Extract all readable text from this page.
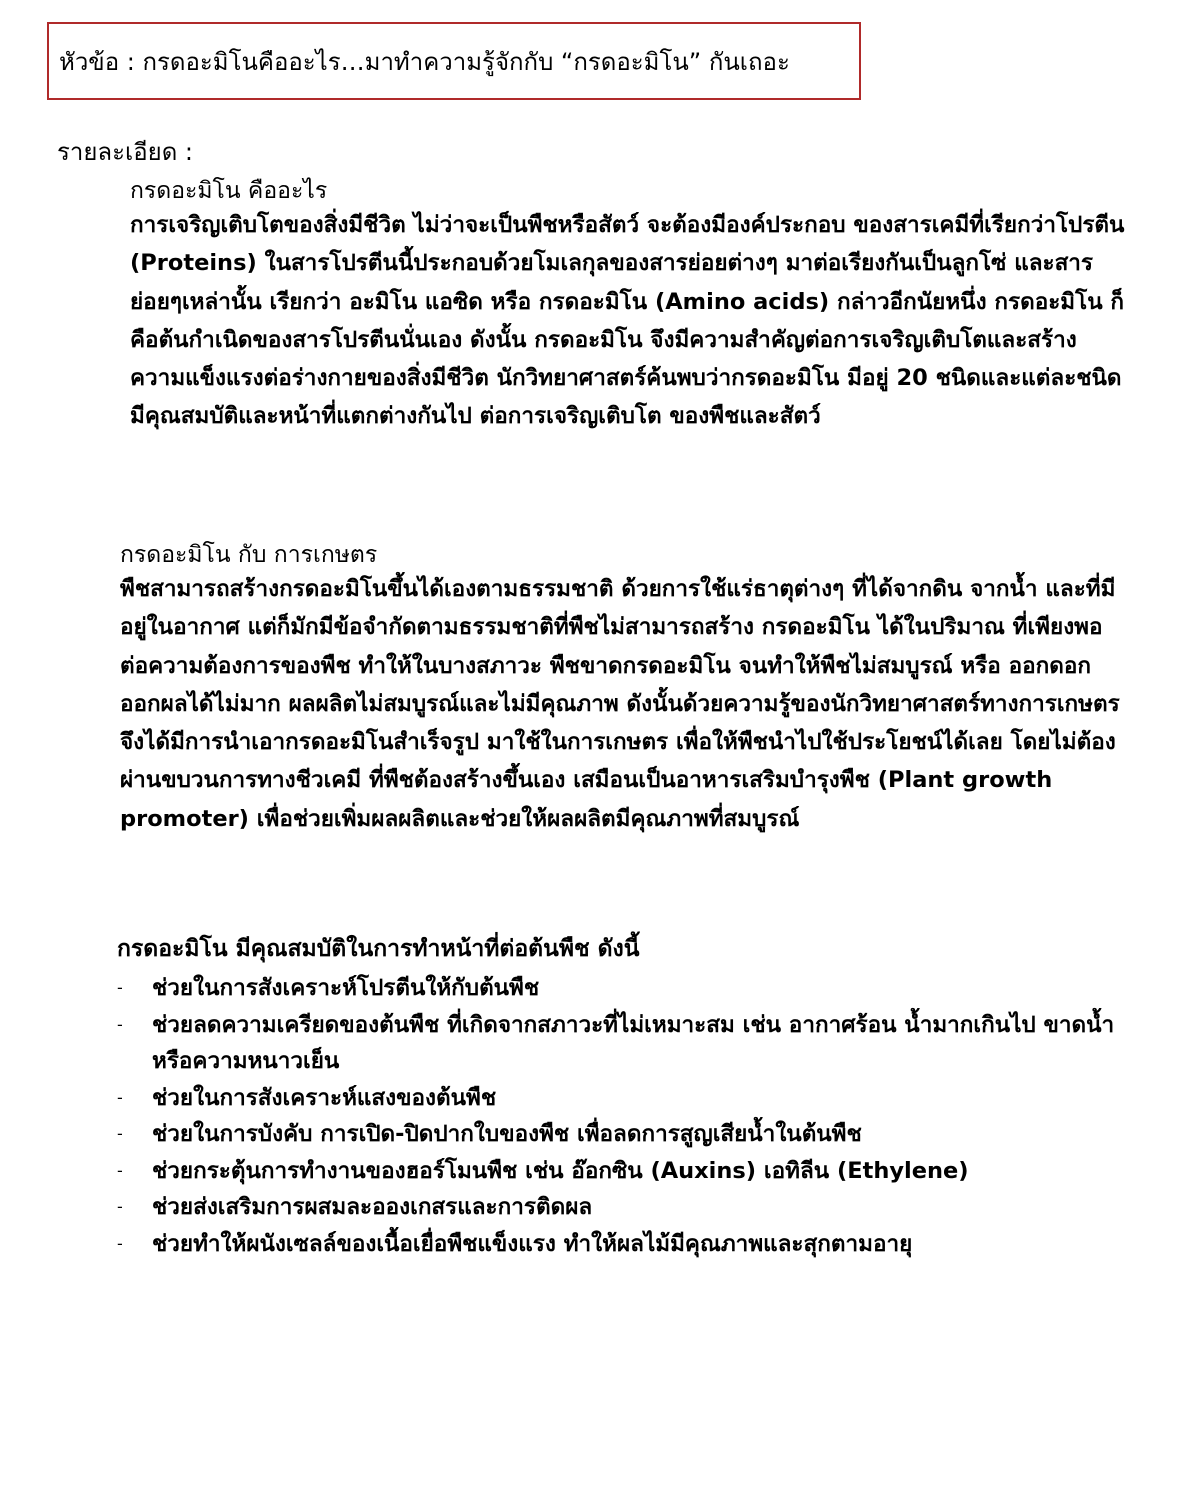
หัวข้อ : กรดอะมิโนคืออะไร…มาทำความรู้จักกับ “กรดอะมิโน” กันเถอะ
รายละเอียด :
กรดอะมิโน คืออะไร

การเจริญเติบโตของสิ่งมีชีวิต ไม่ว่าจะเป็นพืชหรือสัตว์ จะต้องมีองค์ประกอบ ของสารเคมีที่เรียกว่าโปรตีน (Proteins) ในสารโปรตีนนี้ประกอบด้วยโมเลกุลของสารย่อยต่างๆ มาต่อเรียงกันเป็นลูกโซ่ และสารย่อยๆเหล่านั้น เรียกว่า อะมิโน แอซิด หรือ กรดอะมิโน (Amino acids) กล่าวอีกนัยหนึ่ง กรดอะมิโน ก็คือต้นกำเนิดของสารโปรตีนนั่นเอง ดังนั้น กรดอะมิโน จึงมีความสำคัญต่อการเจริญเติบโตและสร้างความแข็งแรงต่อร่างกายของสิ่งมีชีวิต นักวิทยาศาสตร์ค้นพบว่ากรดอะมิโน มีอยู่ 20 ชนิดและแต่ละชนิดมีคุณสมบัติและหน้าที่แตกต่างกันไป ต่อการเจริญเติบโต ของพืชและสัตว์

กรดอะมิโน กับ การเกษตร

พืชสามารถสร้างกรดอะมิโนขึ้นได้เองตามธรรมชาติ ด้วยการใช้แร่ธาตุต่างๆ ที่ได้จากดิน จากน้ำ และที่มีอยู่ในอากาศ แต่ก็มักมีข้อจำกัดตามธรรมชาติที่พืชไม่สามารถสร้าง กรดอะมิโน ได้ในปริมาณ ที่เพียงพอต่อความต้องการของพืช ทำให้ในบางสภาวะ พืชขาดกรดอะมิโน จนทำให้พืชไม่สมบูรณ์ หรือ ออกดอก ออกผลได้ไม่มาก ผลผลิตไม่สมบูรณ์และไม่มีคุณภาพ ดังนั้นด้วยความรู้ของนักวิทยาศาสตร์ทางการเกษตร จึงได้มีการนำเอากรดอะมิโนสำเร็จรูป มาใช้ในการเกษตร เพื่อให้พืชนำไปใช้ประโยชน์ได้เลย โดยไม่ต้องผ่านขบวนการทางชีวเคมี ที่พืชต้องสร้างขึ้นเอง เสมือนเป็นอาหารเสริมบำรุงพืช (Plant growth promoter) เพื่อช่วยเพิ่มผลผลิตและช่วยให้ผลผลิตมีคุณภาพที่สมบูรณ์

กรดอะมิโน มีคุณสมบัติในการทำหน้าที่ต่อต้นพืช ดังนี้
- ช่วยในการสังเคราะห์โปรตีนให้กับต้นพืช
- ช่วยลดความเครียดของต้นพืช ที่เกิดจากสภาวะที่ไม่เหมาะสม เช่น อากาศร้อน น้ำมากเกินไป ขาดน้ำ หรือความหนาวเย็น
- ช่วยในการสังเคราะห์แสงของต้นพืช
- ช่วยในการบังคับ การเปิด-ปิดปากใบของพืช เพื่อลดการสูญเสียน้ำในต้นพืช
- ช่วยกระตุ้นการทำงานของฮอร์โมนพืช เช่น อ๊อกซิน (Auxins) เอทิลีน (Ethylene)
- ช่วยส่งเสริมการผสมละอองเกสรและการติดผล
- ช่วยทำให้ผนังเซลล์ของเนื้อเยื่อพืชแข็งแรง ทำให้ผลไม้มีคุณภาพและสุกตามอายุ
